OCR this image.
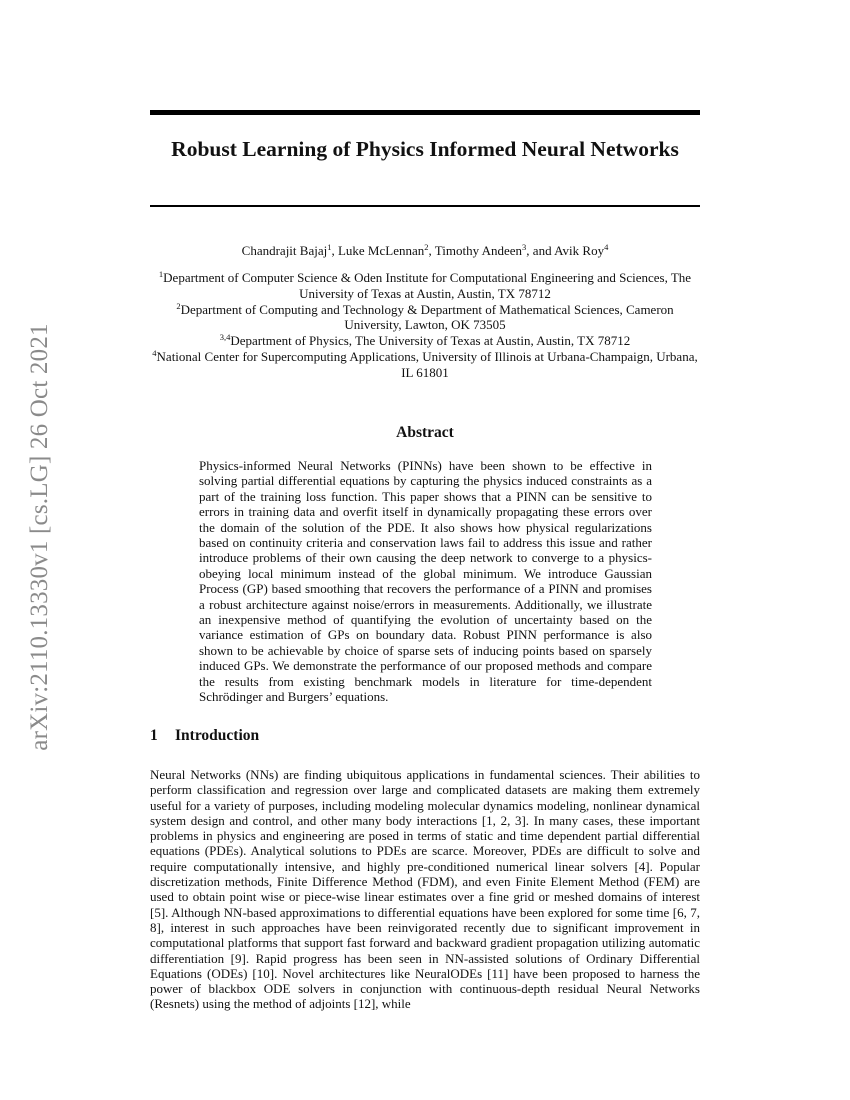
arXiv:2110.13330v1 [cs.LG] 26 Oct 2021
Robust Learning of Physics Informed Neural Networks
Chandrajit Bajaj$^1$, Luke McLennan$^2$, Timothy Andeen$^3$, and Avik Roy$^4$
$^1$Department of Computer Science & Oden Institute for Computational Engineering and Sciences, The University of Texas at Austin, Austin, TX 78712
$^2$Department of Computing and Technology & Department of Mathematical Sciences, Cameron University, Lawton, OK 73505
$^{3,4}$Department of Physics, The University of Texas at Austin, Austin, TX 78712
$^4$National Center for Supercomputing Applications, University of Illinois at Urbana-Champaign, Urbana, IL 61801
Abstract
Physics-informed Neural Networks (PINNs) have been shown to be effective in solving partial differential equations by capturing the physics induced constraints as a part of the training loss function. This paper shows that a PINN can be sensitive to errors in training data and overfit itself in dynamically propagating these errors over the domain of the solution of the PDE. It also shows how physical regularizations based on continuity criteria and conservation laws fail to address this issue and rather introduce problems of their own causing the deep network to converge to a physics-obeying local minimum instead of the global minimum. We introduce Gaussian Process (GP) based smoothing that recovers the performance of a PINN and promises a robust architecture against noise/errors in measurements. Additionally, we illustrate an inexpensive method of quantifying the evolution of uncertainty based on the variance estimation of GPs on boundary data. Robust PINN performance is also shown to be achievable by choice of sparse sets of inducing points based on sparsely induced GPs. We demonstrate the performance of our proposed methods and compare the results from existing benchmark models in literature for time-dependent Schrödinger and Burgers’ equations.
1 Introduction
Neural Networks (NNs) are finding ubiquitous applications in fundamental sciences. Their abilities to perform classification and regression over large and complicated datasets are making them extremely useful for a variety of purposes, including modeling molecular dynamics modeling, nonlinear dynamical system design and control, and other many body interactions [1, 2, 3]. In many cases, these important problems in physics and engineering are posed in terms of static and time dependent partial differential equations (PDEs). Analytical solutions to PDEs are scarce. Moreover, PDEs are difficult to solve and require computationally intensive, and highly pre-conditioned numerical linear solvers [4]. Popular discretization methods, Finite Difference Method (FDM), and even Finite Element Method (FEM) are used to obtain point wise or piece-wise linear estimates over a fine grid or meshed domains of interest [5]. Although NN-based approximations to differential equations have been explored for some time [6, 7, 8], interest in such approaches have been reinvigorated recently due to significant improvement in computational platforms that support fast forward and backward gradient propagation utilizing automatic differentiation [9]. Rapid progress has been seen in NN-assisted solutions of Ordinary Differential Equations (ODEs) [10]. Novel architectures like NeuralODEs [11] have been proposed to harness the power of blackbox ODE solvers in conjunction with continuous-depth residual Neural Networks (Resnets) using the method of adjoints [12], while
